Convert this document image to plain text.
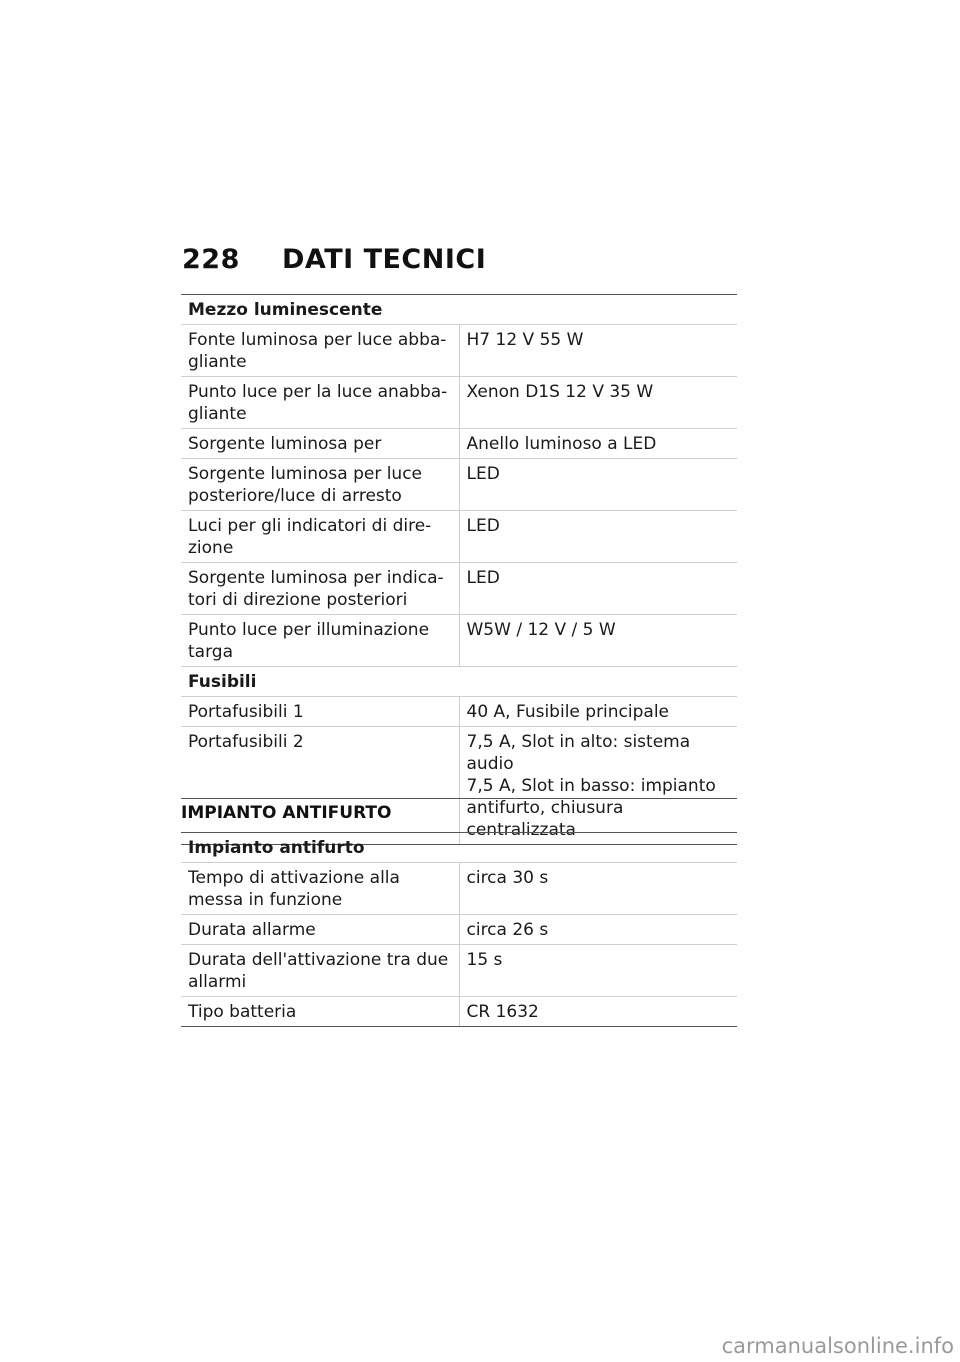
228	DATI TECNICI
Mezzo luminescente	

Fonte luminosa per luce abba-
gliante	H7 12 V 55 W

Punto luce per la luce anabba-
gliante	Xenon D1S 12 V 35 W

Sorgente luminosa per	Anello luminoso a LED

Sorgente luminosa per luce
posteriore/luce di arresto	LED

Luci per gli indicatori di dire-
zione	LED

Sorgente luminosa per indica-
tori di direzione posteriori	LED

Punto luce per illuminazione
targa	W5W / 12 V / 5 W

Fusibili	

Portafusibili 1	40 A, Fusibile principale

Portafusibili 2	7,5 A, Slot in alto: sistema
audio
7,5 A, Slot in basso: impianto
antifurto, chiusura centralizzata
IMPIANTO ANTIFURTO
Impianto antifurto	

Tempo di attivazione alla
messa in funzione	circa 30 s

Durata allarme	circa 26 s

Durata dell'attivazione tra due
allarmi	15 s

Tipo batteria	CR 1632
carmanualsonline.info
